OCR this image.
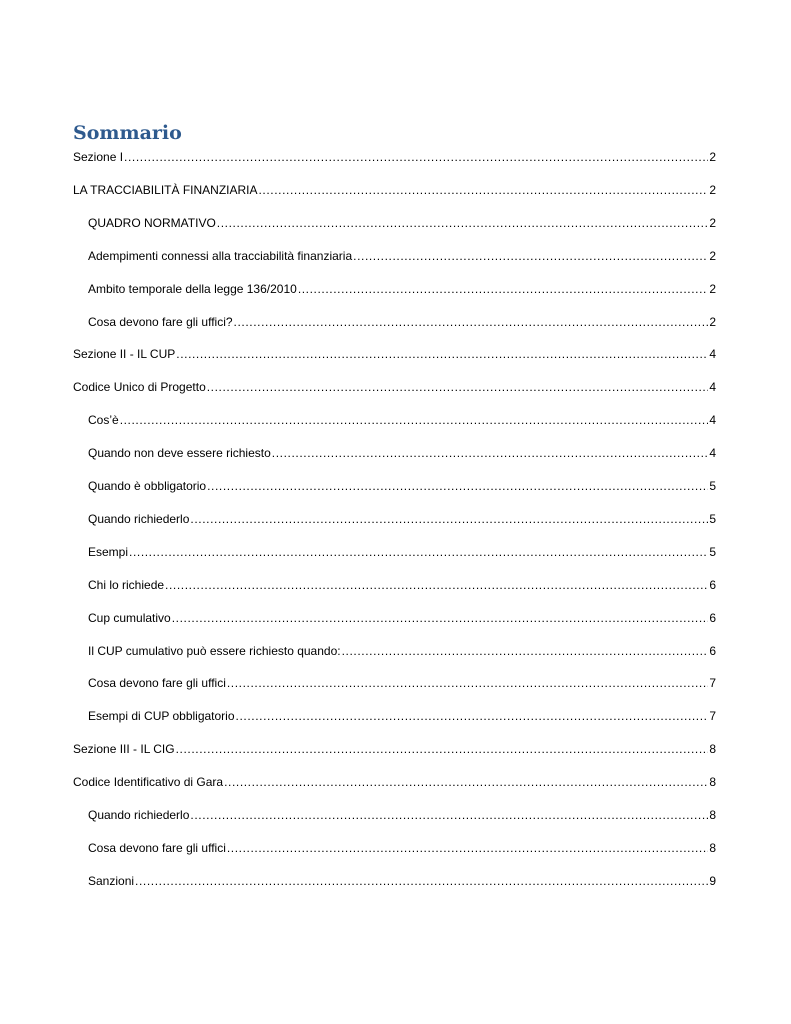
Sommario
Sezione I .....	2
LA TRACCIABILITÀ FINANZIARIA .....	2
QUADRO NORMATIVO .....	2
Adempimenti connessi alla tracciabilità finanziaria .....	2
Ambito temporale della legge 136/2010 .....	2
Cosa devono fare gli uffici? .....	2
Sezione II - IL CUP .....	4
Codice Unico di Progetto .....	4
Cos’è .....	4
Quando non deve essere richiesto .....	4
Quando è obbligatorio .....	5
Quando richiederlo .....	5
Esempi .....	5
Chi lo richiede .....	6
Cup cumulativo .....	6
Il CUP cumulativo può essere richiesto quando: .....	6
Cosa devono fare gli uffici .....	7
Esempi di CUP obbligatorio .....	7
Sezione III - IL CIG .....	8
Codice Identificativo di Gara .....	8
Quando richiederlo .....	8
Cosa devono fare gli uffici .....	8
Sanzioni .....	9
